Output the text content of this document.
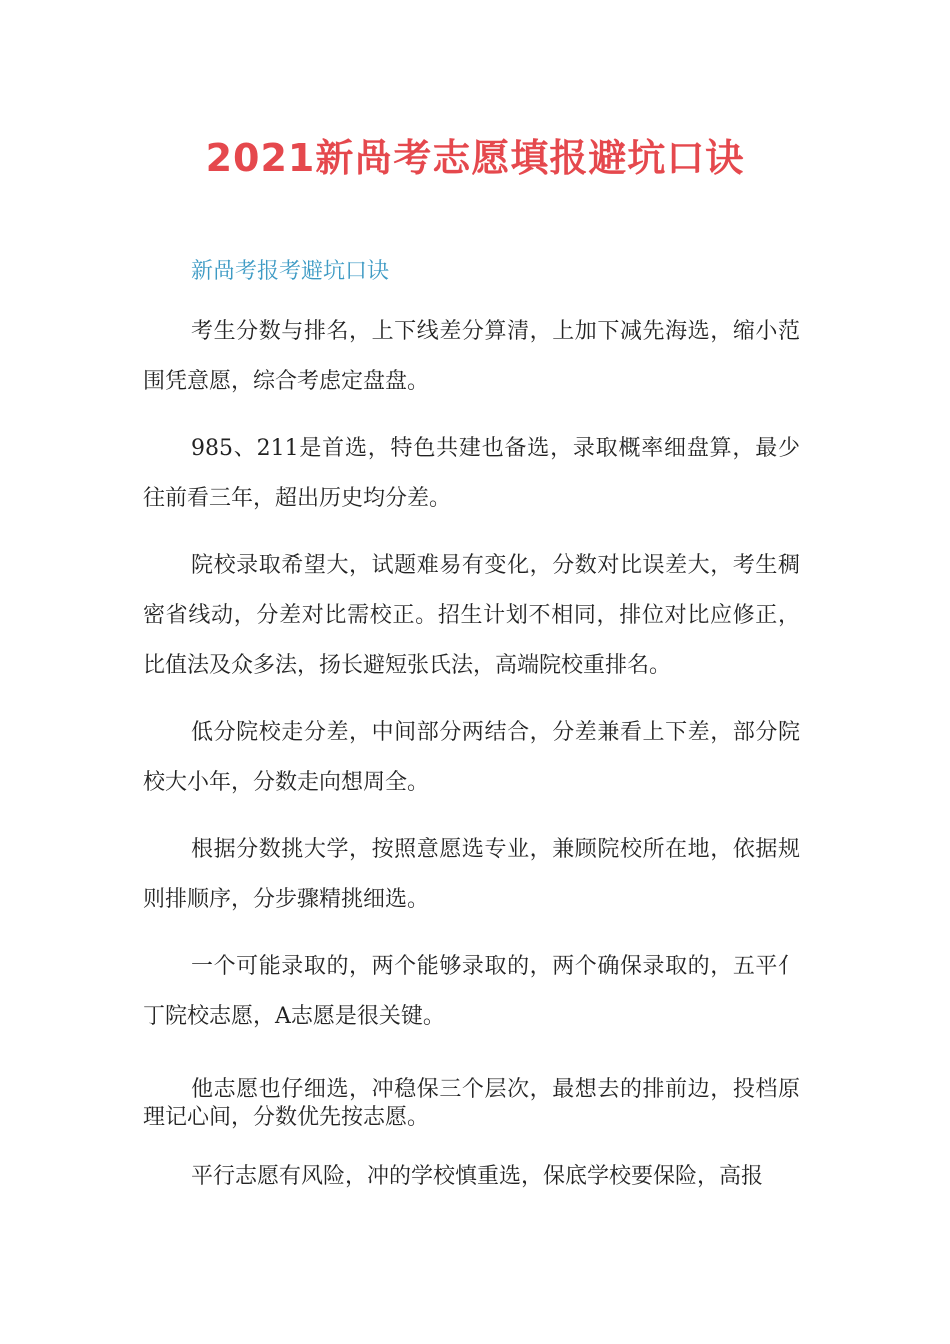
2021新咼考志愿填报避坑口诀
新咼考报考避坑口诀

考生分数与排名，上下线差分算清，上加下减先海选，缩小范围凭意愿，综合考虑定盘盘。

985、211是首选，特色共建也备选，录取概率细盘算，最少往前看三年，超出历史均分差。

院校录取希望大，试题难易有变化，分数对比误差大，考生稠密省线动，分差对比需校正。招生计划不相同，排位对比应修正，比值法及众多法，扬长避短张氏法，高端院校重排名。

低分院校走分差，中间部分两结合，分差兼看上下差，部分院校大小年，分数走向想周全。

根据分数挑大学，按照意愿选专业，兼顾院校所在地，依据规则排顺序，分步骤精挑细选。

一个可能录取的，两个能够录取的，两个确保录取的，五平亻丁院校志愿，A志愿是很关键。

他志愿也仔细选，冲稳保三个层次，最想去的排前边，投档原理记心间，分数优先按志愿。

平行志愿有风险，冲的学校慎重选，保底学校要保险，高报
